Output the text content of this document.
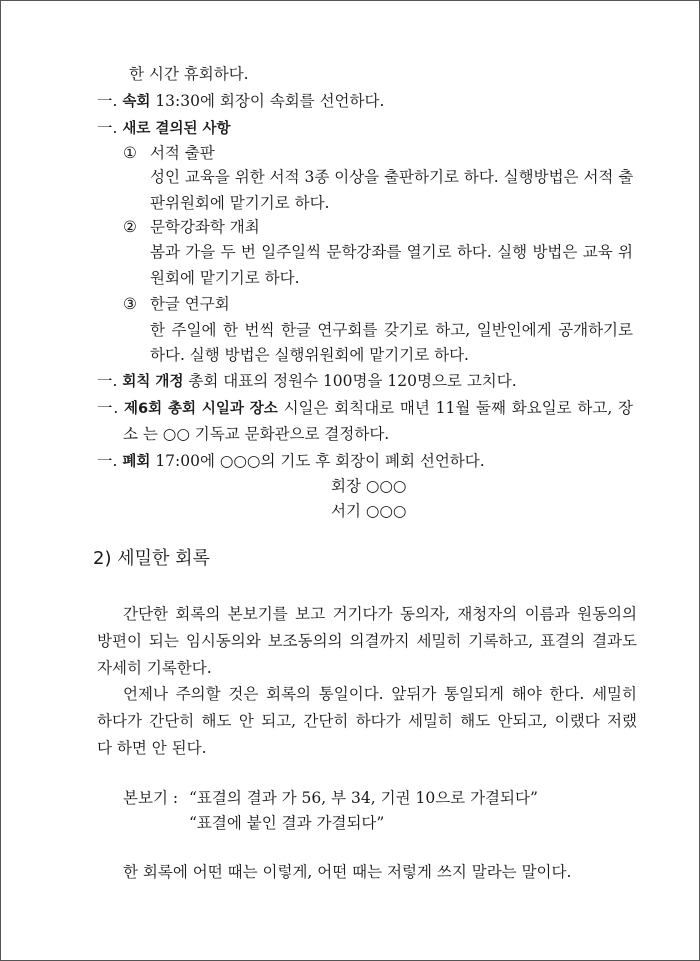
한 시간 휴회하다.
一. 속회 13:30에 회장이 속회를 선언하다.
一. 새로 결의된 사항
① 서적 출판
성인 교육을 위한 서적 3종 이상을 출판하기로 하다. 실행방법은 서적 출
판위원회에 맡기기로 하다.
② 문학강좌학 개최
봄과 가을 두 번 일주일씩 문학강좌를 열기로 하다. 실행 방법은 교육 위
원회에 맡기기로 하다.
③ 한글 연구회
한 주일에 한 번씩 한글 연구회를 갖기로 하고, 일반인에게 공개하기로
하다. 실행 방법은 실행위원회에 맡기기로 하다.
一. 회칙 개정 총회 대표의 정원수 100명을 120명으로 고치다.
一. 제6회 총회 시일과 장소 시일은 회칙대로 매년 11월 둘째 화요일로 하고, 장
소 는 ○○ 기독교 문화관으로 결정하다.
一. 폐회 17:00에 ○○○의 기도 후 회장이 폐회 선언하다.
회장 ○○○
서기 ○○○
2) 세밀한 회록
간단한 회록의 본보기를 보고 거기다가 동의자, 재청자의 이름과 원동의의
방편이 되는 임시동의와 보조동의의 의결까지 세밀히 기록하고, 표결의 결과도
자세히 기록한다.
언제나 주의할 것은 회록의 통일이다. 앞뒤가 통일되게 해야 한다. 세밀히
하다가 간단히 해도 안 되고, 간단히 하다가 세밀히 해도 안되고, 이랬다 저랬
다 하면 안 된다.
본보기 : “표결의 결과 가 56, 부 34, 기권 10으로 가결되다”
“표결에 붙인 결과 가결되다”
한 회록에 어떤 때는 이렇게, 어떤 때는 저렇게 쓰지 말라는 말이다.
